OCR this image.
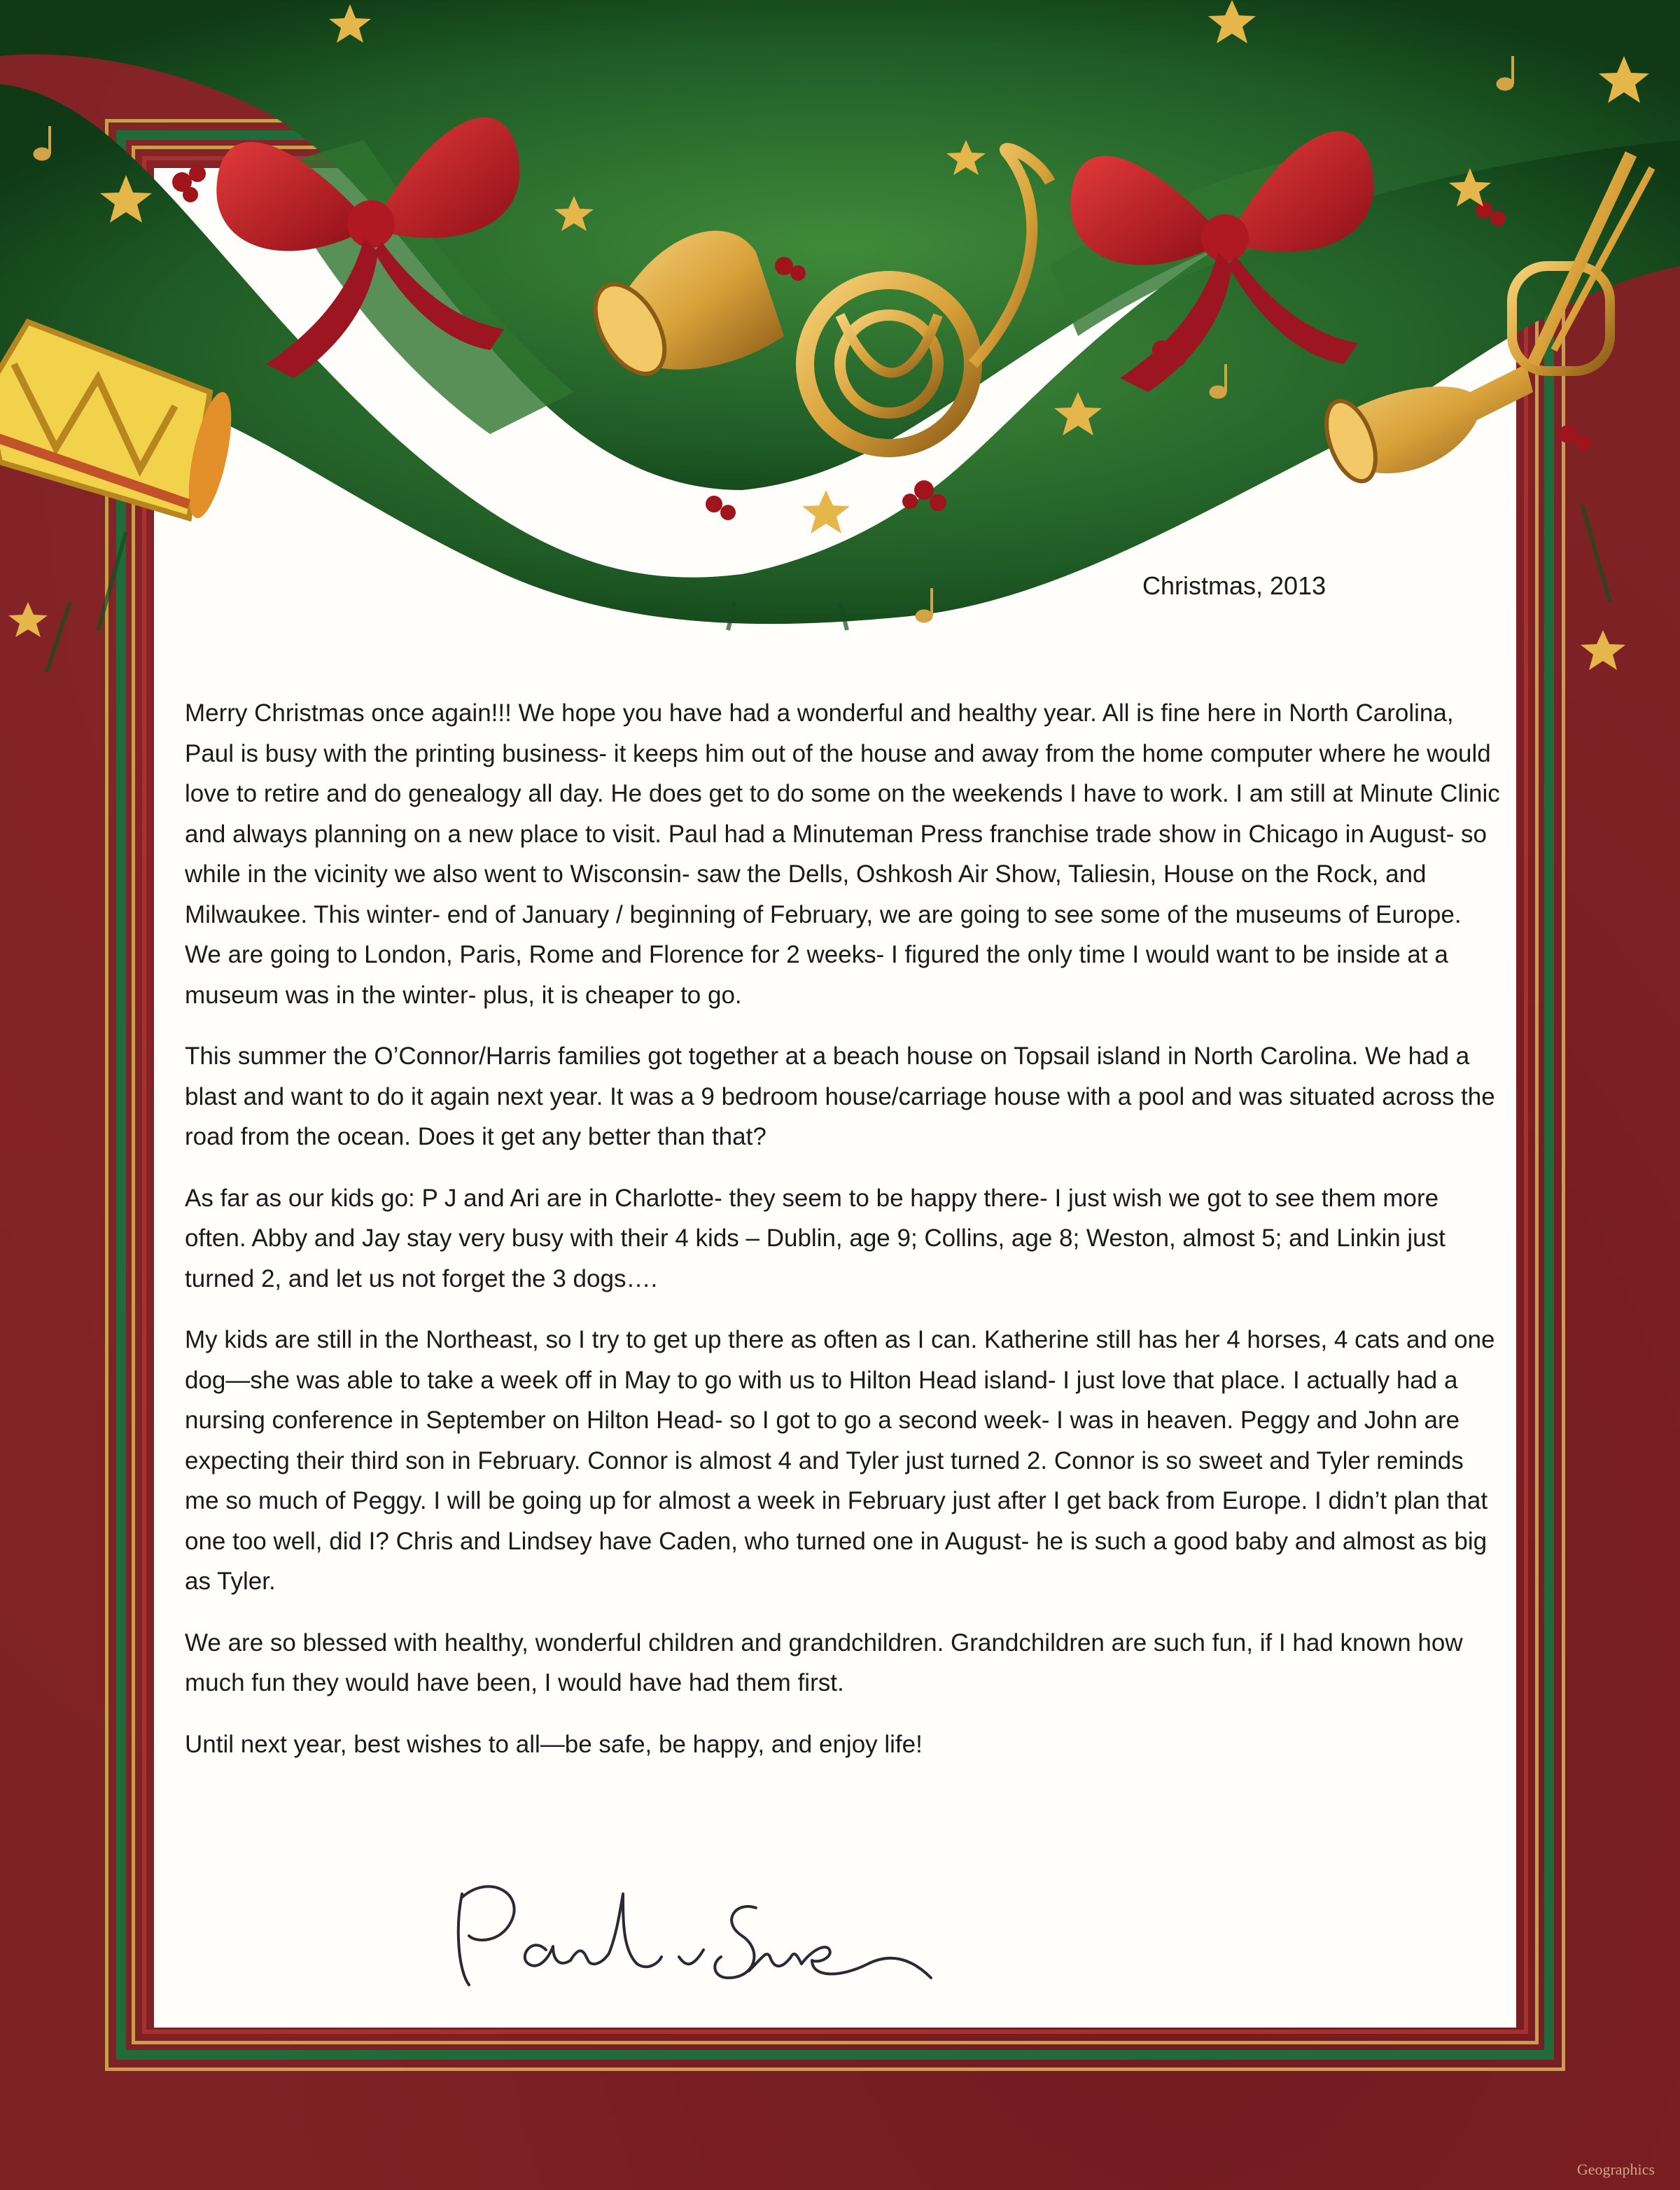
Christmas, 2013

Merry Christmas once again!!! We hope you have had a wonderful and healthy year. All is fine here in North Carolina, Paul is busy with the printing business- it keeps him out of the house and away from the home computer where he would love to retire and do genealogy all day. He does get to do some on the weekends I have to work. I am still at Minute Clinic and always planning on a new place to visit. Paul had a Minuteman Press franchise trade show in Chicago in August- so while in the vicinity we also went to Wisconsin- saw the Dells, Oshkosh Air Show, Taliesin, House on the Rock, and Milwaukee. This winter- end of January / beginning of February, we are going to see some of the museums of Europe. We are going to London, Paris, Rome and Florence for 2 weeks- I figured the only time I would want to be inside at a museum was in the winter- plus, it is cheaper to go.

This summer the O’Connor/Harris families got together at a beach house on Topsail island in North Carolina. We had a blast and want to do it again next year. It was a 9 bedroom house/carriage house with a pool and was situated across the road from the ocean. Does it get any better than that?

As far as our kids go: P J and Ari are in Charlotte- they seem to be happy there- I just wish we got to see them more often. Abby and Jay stay very busy with their 4 kids – Dublin, age 9; Collins, age 8; Weston, almost 5; and Linkin just turned 2, and let us not forget the 3 dogs….

My kids are still in the Northeast, so I try to get up there as often as I can. Katherine still has her 4 horses, 4 cats and one dog—she was able to take a week off in May to go with us to Hilton Head island- I just love that place. I actually had a nursing conference in September on Hilton Head- so I got to go a second week- I was in heaven. Peggy and John are expecting their third son in February. Connor is almost 4 and Tyler just turned 2. Connor is so sweet and Tyler reminds me so much of Peggy. I will be going up for almost a week in February just after I get back from Europe. I didn’t plan that one too well, did I? Chris and Lindsey have Caden, who turned one in August- he is such a good baby and almost as big as Tyler.

We are so blessed with healthy, wonderful children and grandchildren. Grandchildren are such fun, if I had known how much fun they would have been, I would have had them first.

Until next year, best wishes to all—be safe, be happy, and enjoy life!

Geographics
